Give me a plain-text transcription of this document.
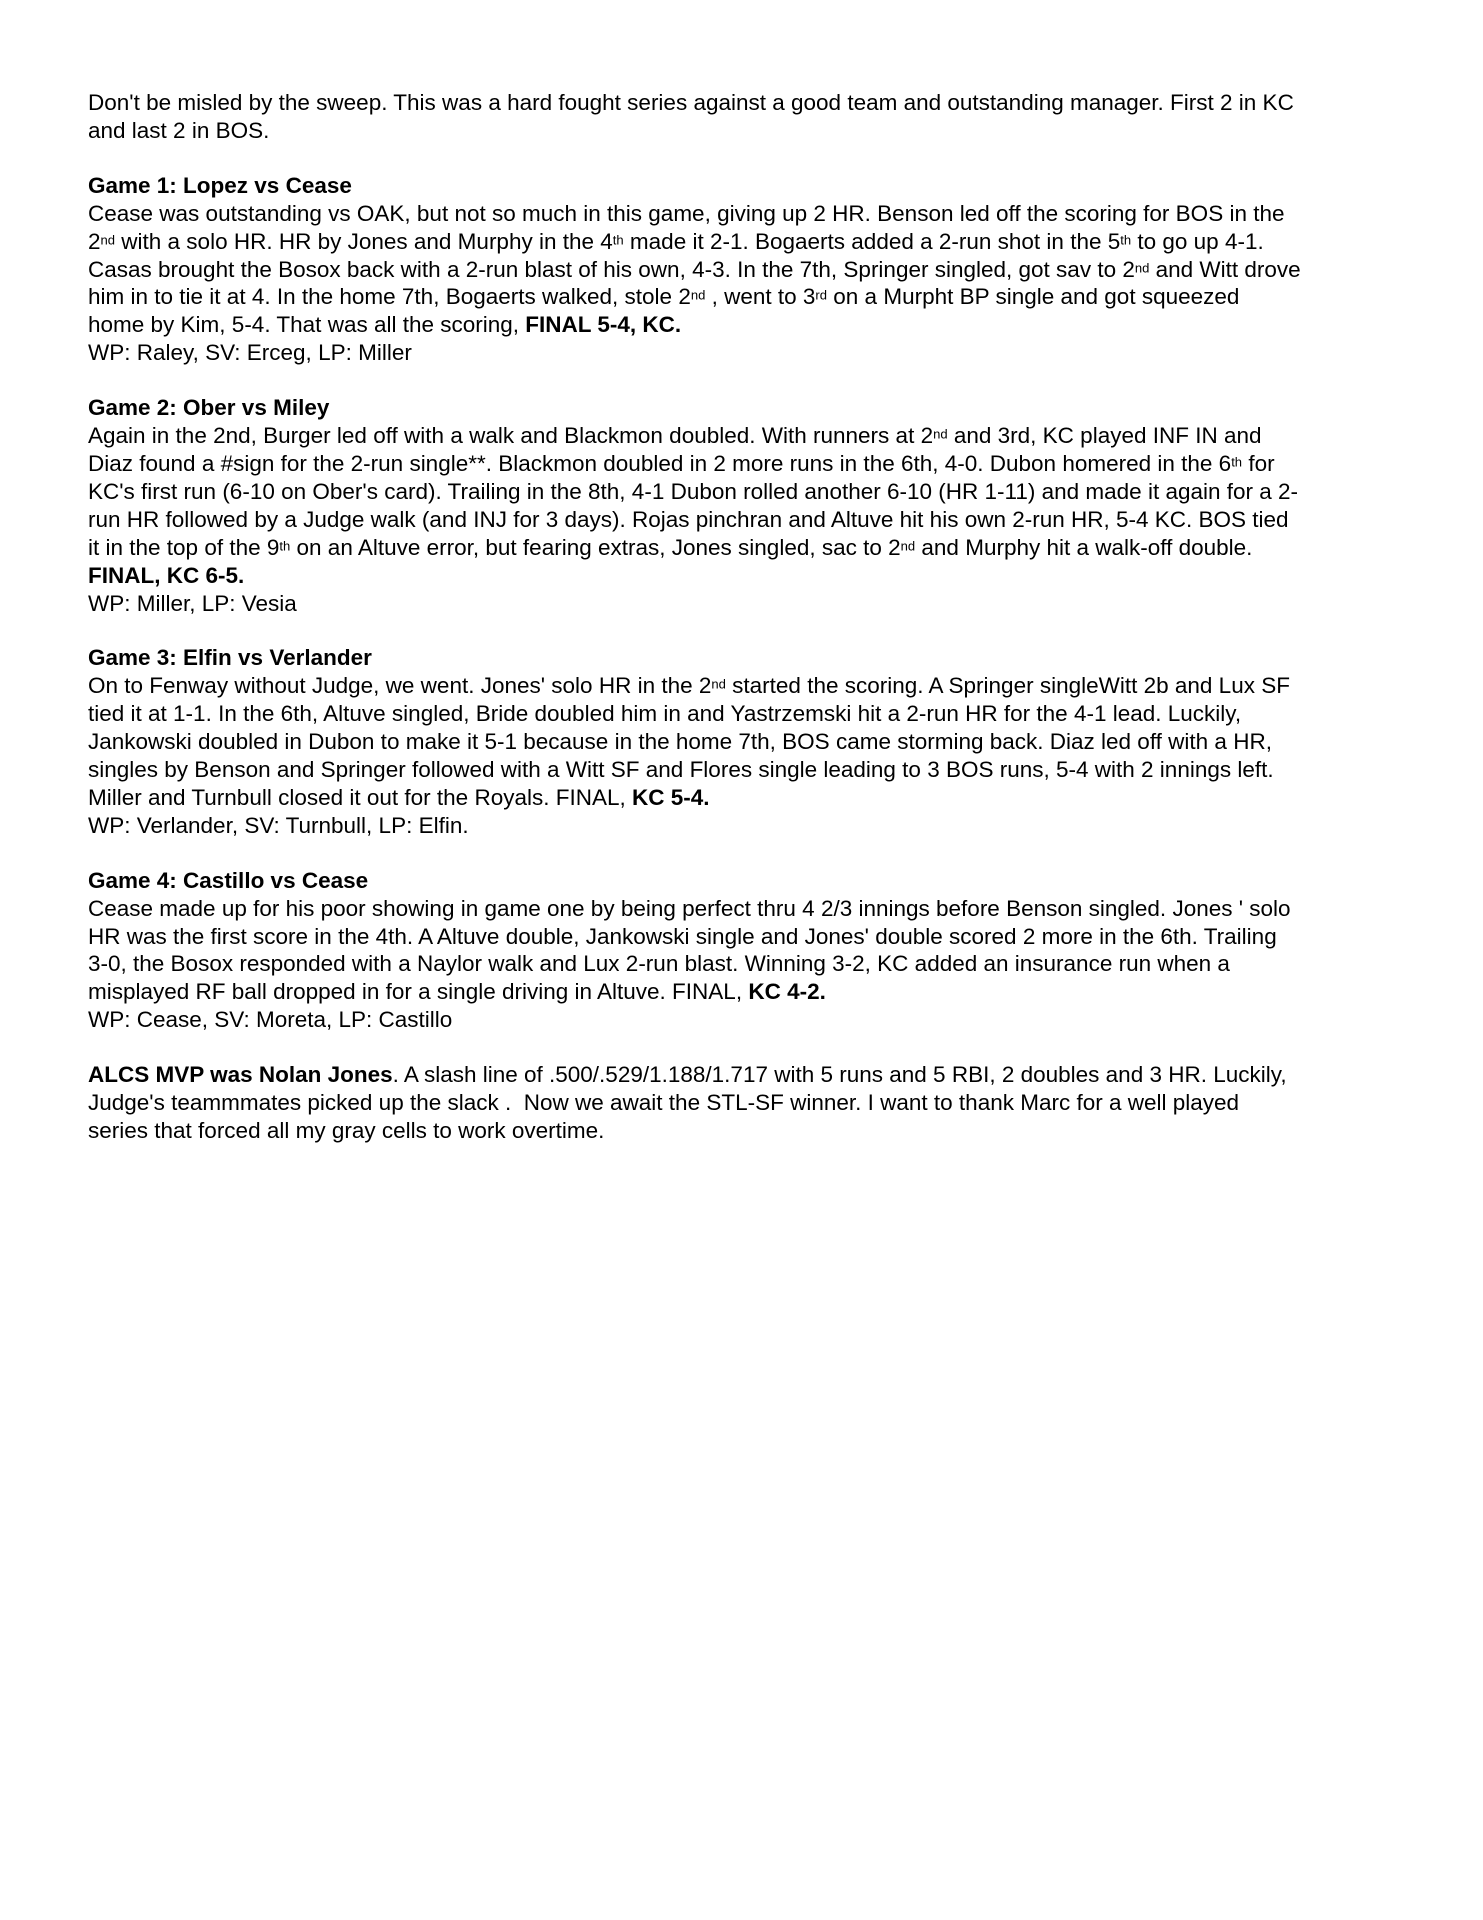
Don't be misled by the sweep. This was a hard fought series against a good team and outstanding manager. First 2 in KC
and last 2 in BOS.
Game 1: Lopez vs Cease
Cease was outstanding vs OAK, but not so much in this game, giving up 2 HR. Benson led off the scoring for BOS in the
2nd with a solo HR. HR by Jones and Murphy in the 4th made it 2-1. Bogaerts added a 2-run shot in the 5th to go up 4-1.
Casas brought the Bosox back with a 2-run blast of his own, 4-3. In the 7th, Springer singled, got sav to 2nd and Witt drove
him in to tie it at 4. In the home 7th, Bogaerts walked, stole 2nd , went to 3rd on a Murpht BP single and got squeezed
home by Kim, 5-4. That was all the scoring, FINAL 5-4, KC.
WP: Raley, SV: Erceg, LP: Miller
Game 2: Ober vs Miley
Again in the 2nd, Burger led off with a walk and Blackmon doubled. With runners at 2nd and 3rd, KC played INF IN and
Diaz found a #sign for the 2-run single**. Blackmon doubled in 2 more runs in the 6th, 4-0. Dubon homered in the 6th for
KC's first run (6-10 on Ober's card). Trailing in the 8th, 4-1 Dubon rolled another 6-10 (HR 1-11) and made it again for a 2-
run HR followed by a Judge walk (and INJ for 3 days). Rojas pinchran and Altuve hit his own 2-run HR, 5-4 KC. BOS tied
it in the top of the 9th on an Altuve error, but fearing extras, Jones singled, sac to 2nd and Murphy hit a walk-off double.
FINAL, KC 6-5.
WP: Miller, LP: Vesia
Game 3: Elfin vs Verlander
On to Fenway without Judge, we went. Jones' solo HR in the 2nd started the scoring. A Springer singleWitt 2b and Lux SF
tied it at 1-1. In the 6th, Altuve singled, Bride doubled him in and Yastrzemski hit a 2-run HR for the 4-1 lead. Luckily,
Jankowski doubled in Dubon to make it 5-1 because in the home 7th, BOS came storming back. Diaz led off with a HR,
singles by Benson and Springer followed with a Witt SF and Flores single leading to 3 BOS runs, 5-4 with 2 innings left.
Miller and Turnbull closed it out for the Royals. FINAL, KC 5-4.
WP: Verlander, SV: Turnbull, LP: Elfin.
Game 4: Castillo vs Cease
Cease made up for his poor showing in game one by being perfect thru 4 2/3 innings before Benson singled. Jones ' solo
HR was the first score in the 4th. A Altuve double, Jankowski single and Jones' double scored 2 more in the 6th. Trailing
3-0, the Bosox responded with a Naylor walk and Lux 2-run blast. Winning 3-2, KC added an insurance run when a
misplayed RF ball dropped in for a single driving in Altuve. FINAL, KC 4-2.
WP: Cease, SV: Moreta, LP: Castillo
ALCS MVP was Nolan Jones. A slash line of .500/.529/1.188/1.717 with 5 runs and 5 RBI, 2 doubles and 3 HR. Luckily,
Judge's teammmates picked up the slack .  Now we await the STL-SF winner. I want to thank Marc for a well played
series that forced all my gray cells to work overtime.
